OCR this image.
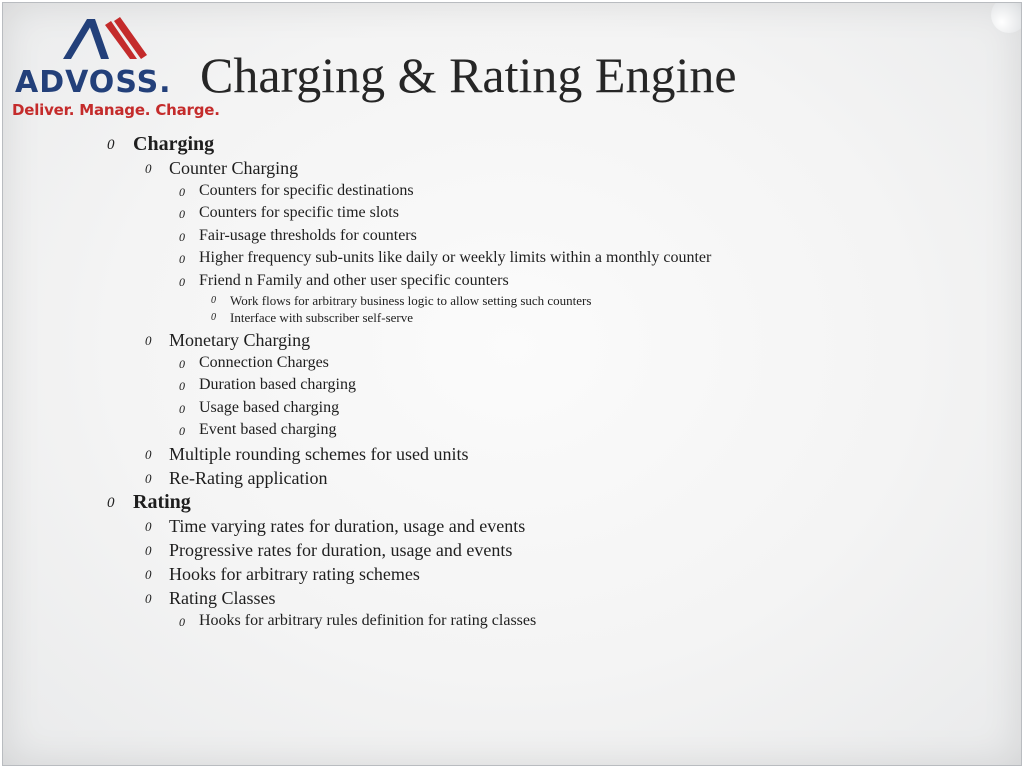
ADVOSS.
Deliver. Manage. Charge.
Charging & Rating Engine
0 Charging
0 Counter Charging
0 Counters for specific destinations
0 Counters for specific time slots
0 Fair-usage thresholds for counters
0 Higher frequency sub-units like daily or weekly limits within a monthly counter
0 Friend n Family and other user specific counters
0 Work flows for arbitrary business logic to allow setting such counters
0 Interface with subscriber self-serve
0 Monetary Charging
0 Connection Charges
0 Duration based charging
0 Usage based charging
0 Event based charging
0 Multiple rounding schemes for used units
0 Re-Rating application
0 Rating
0 Time varying rates for duration, usage and events
0 Progressive rates for duration, usage and events
0 Hooks for arbitrary rating schemes
0 Rating Classes
0 Hooks for arbitrary rules definition for rating classes
